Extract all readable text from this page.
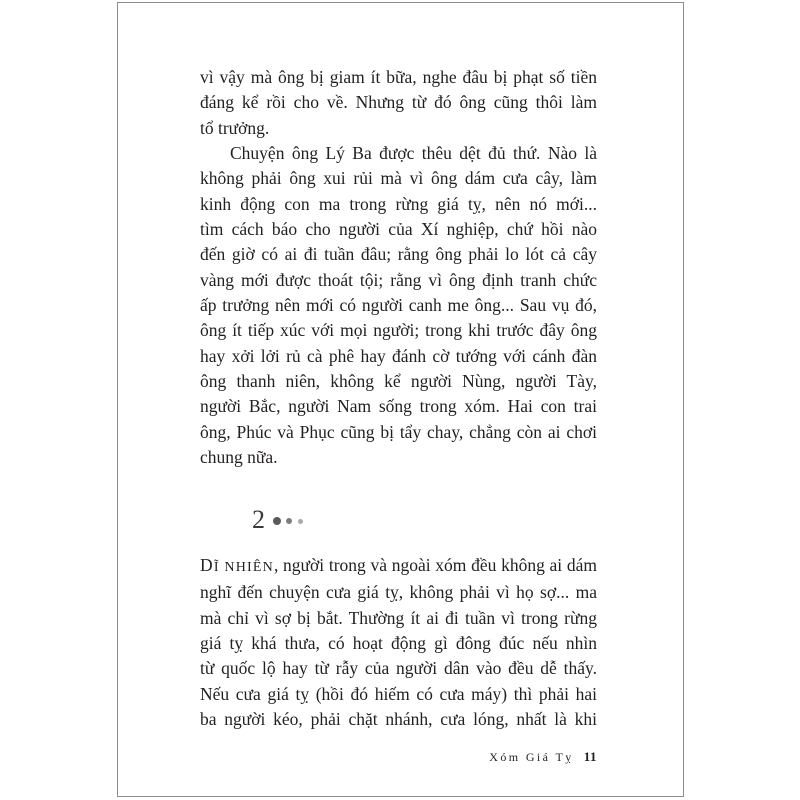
vì vậy mà ông bị giam ít bữa, nghe đâu bị phạt số tiền
đáng kể rồi cho về. Nhưng từ đó ông cũng thôi làm
tổ trưởng.
Chuyện ông Lý Ba được thêu dệt đủ thứ. Nào là
không phải ông xui rủi mà vì ông dám cưa cây, làm
kinh động con ma trong rừng giá tỵ, nên nó mới...
tìm cách báo cho người của Xí nghiệp, chứ hồi nào
đến giờ có ai đi tuần đâu; rằng ông phải lo lót cả cây
vàng mới được thoát tội; rằng vì ông định tranh chức
ấp trưởng nên mới có người canh me ông... Sau vụ đó,
ông ít tiếp xúc với mọi người; trong khi trước đây ông
hay xởi lởi rủ cà phê hay đánh cờ tướng với cánh đàn
ông thanh niên, không kể người Nùng, người Tày,
người Bắc, người Nam sống trong xóm. Hai con trai
ông, Phúc và Phục cũng bị tẩy chay, chẳng còn ai chơi
chung nữa.
2
DĨ NHIÊN, người trong và ngoài xóm đều không ai dám
nghĩ đến chuyện cưa giá tỵ, không phải vì họ sợ... ma
mà chỉ vì sợ bị bắt. Thường ít ai đi tuần vì trong rừng
giá tỵ khá thưa, có hoạt động gì đông đúc nếu nhìn
từ quốc lộ hay từ rẫy của người dân vào đều dễ thấy.
Nếu cưa giá tỵ (hồi đó hiếm có cưa máy) thì phải hai
ba người kéo, phải chặt nhánh, cưa lóng, nhất là khi
Xóm Giá Tỵ 11
